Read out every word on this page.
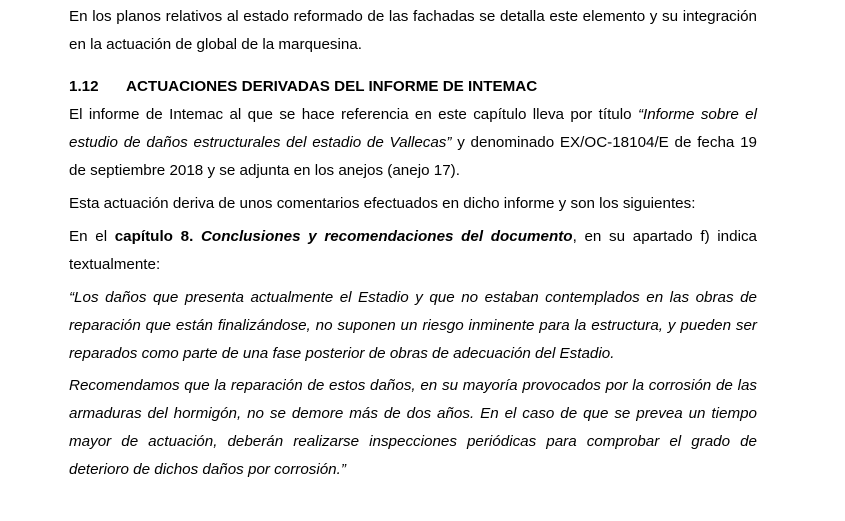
En los planos relativos al estado reformado de las fachadas se detalla este elemento y su integración en la actuación de global de la marquesina.

1.12 ACTUACIONES DERIVADAS DEL INFORME DE INTEMAC

El informe de Intemac al que se hace referencia en este capítulo lleva por título “Informe sobre el estudio de daños estructurales del estadio de Vallecas” y denominado EX/OC-18104/E de fecha 19 de septiembre 2018 y se adjunta en los anejos (anejo 17).

Esta actuación deriva de unos comentarios efectuados en dicho informe y son los siguientes:

En el capítulo 8. Conclusiones y recomendaciones del documento, en su apartado f) indica textualmente:

“Los daños que presenta actualmente el Estadio y que no estaban contemplados en las obras de reparación que están finalizándose, no suponen un riesgo inminente para la estructura, y pueden ser reparados como parte de una fase posterior de obras de adecuación del Estadio.

Recomendamos que la reparación de estos daños, en su mayoría provocados por la corrosión de las armaduras del hormigón, no se demore más de dos años. En el caso de que se prevea un tiempo mayor de actuación, deberán realizarse inspecciones periódicas para comprobar el grado de deterioro de dichos daños por corrosión.”
